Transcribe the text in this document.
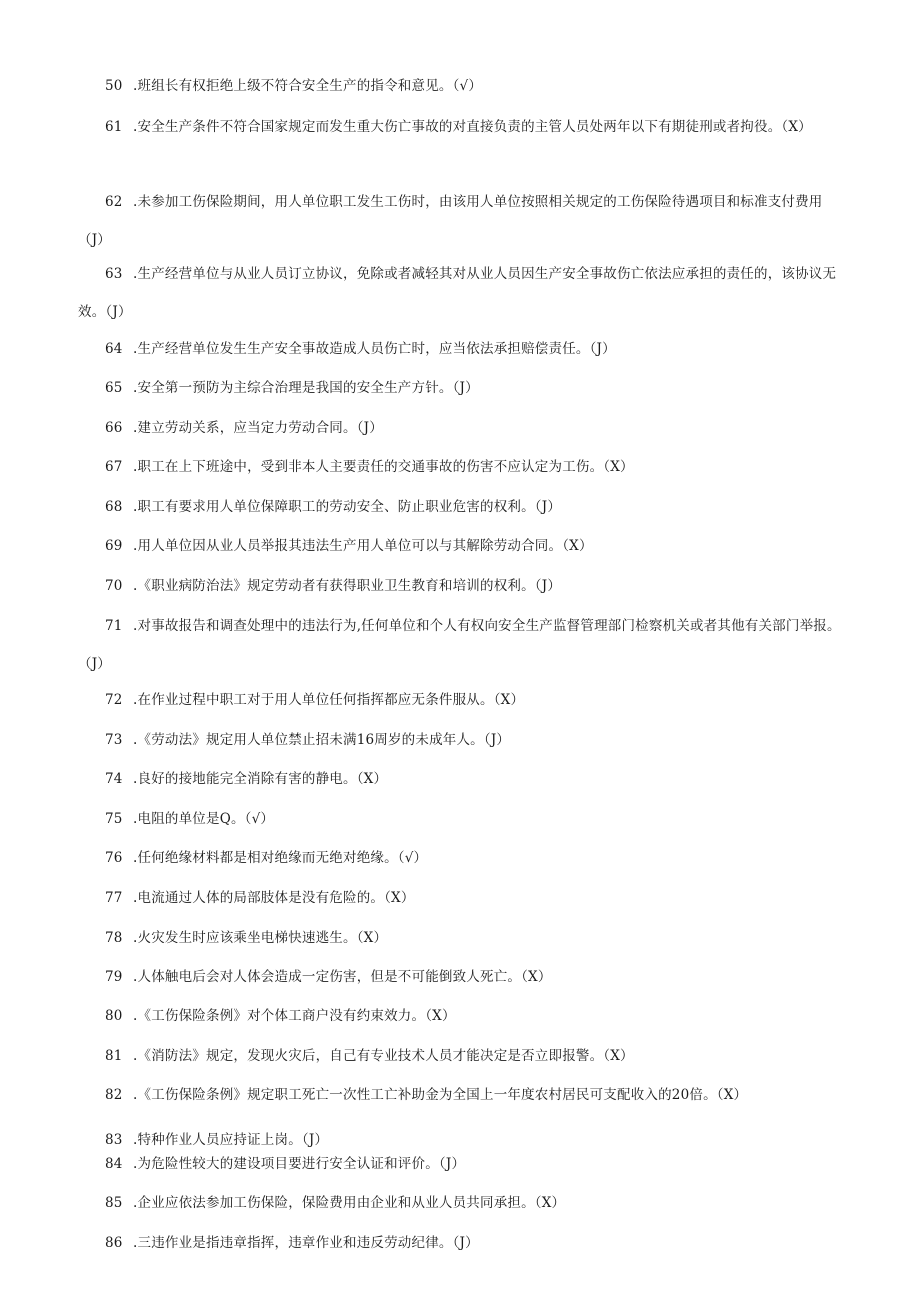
50 .班组长有权拒绝上级不符合安全生产的指令和意见。（√）
61 .安全生产条件不符合国家规定而发生重大伤亡事故的对直接负责的主管人员处两年以下有期徒刑或者拘役。（X）
62 .未参加工伤保险期间，用人单位职工发生工伤时，由该用人单位按照相关规定的工伤保险待遇项目和标准支付费用（J）
63 .生产经营单位与从业人员订立协议，免除或者减轻其对从业人员因生产安全事故伤亡依法应承担的责任的，该协议无效。（J）
64 .生产经营单位发生生产安全事故造成人员伤亡时，应当依法承担赔偿责任。（J）
65 .安全第一预防为主综合治理是我国的安全生产方针。（J）
66 .建立劳动关系，应当定力劳动合同。（J）
67 .职工在上下班途中，受到非本人主要责任的交通事故的伤害不应认定为工伤。（X）
68 .职工有要求用人单位保障职工的劳动安全、防止职业危害的权利。（J）
69 .用人单位因从业人员举报其违法生产用人单位可以与其解除劳动合同。（X）
70 .《职业病防治法》规定劳动者有获得职业卫生教育和培训的权利。（J）
71 .对事故报告和调查处理中的违法行为,任何单位和个人有权向安全生产监督管理部门检察机关或者其他有关部门举报。（J）
72 .在作业过程中职工对于用人单位任何指挥都应无条件服从。（X）
73 .《劳动法》规定用人单位禁止招未满16周岁的未成年人。（J）
74 .良好的接地能完全消除有害的静电。（X）
75 .电阻的单位是Q。（√）
76 .任何绝缘材料都是相对绝缘而无绝对绝缘。（√）
77 .电流通过人体的局部肢体是没有危险的。（X）
78 .火灾发生时应该乘坐电梯快速逃生。（X）
79 .人体触电后会对人体会造成一定伤害，但是不可能倒致人死亡。（X）
80 .《工伤保险条例》对个体工商户没有约束效力。（X）
81 .《消防法》规定，发现火灾后，自己有专业技术人员才能决定是否立即报警。（X）
82 .《工伤保险条例》规定职工死亡一次性工亡补助金为全国上一年度农村居民可支配收入的20倍。（X）
83 .特种作业人员应持证上岗。（J）
84 .为危险性较大的建设项目要进行安全认证和评价。（J）
85 .企业应依法参加工伤保险，保险费用由企业和从业人员共同承担。（X）
86 .三违作业是指违章指挥，违章作业和违反劳动纪律。（J）
